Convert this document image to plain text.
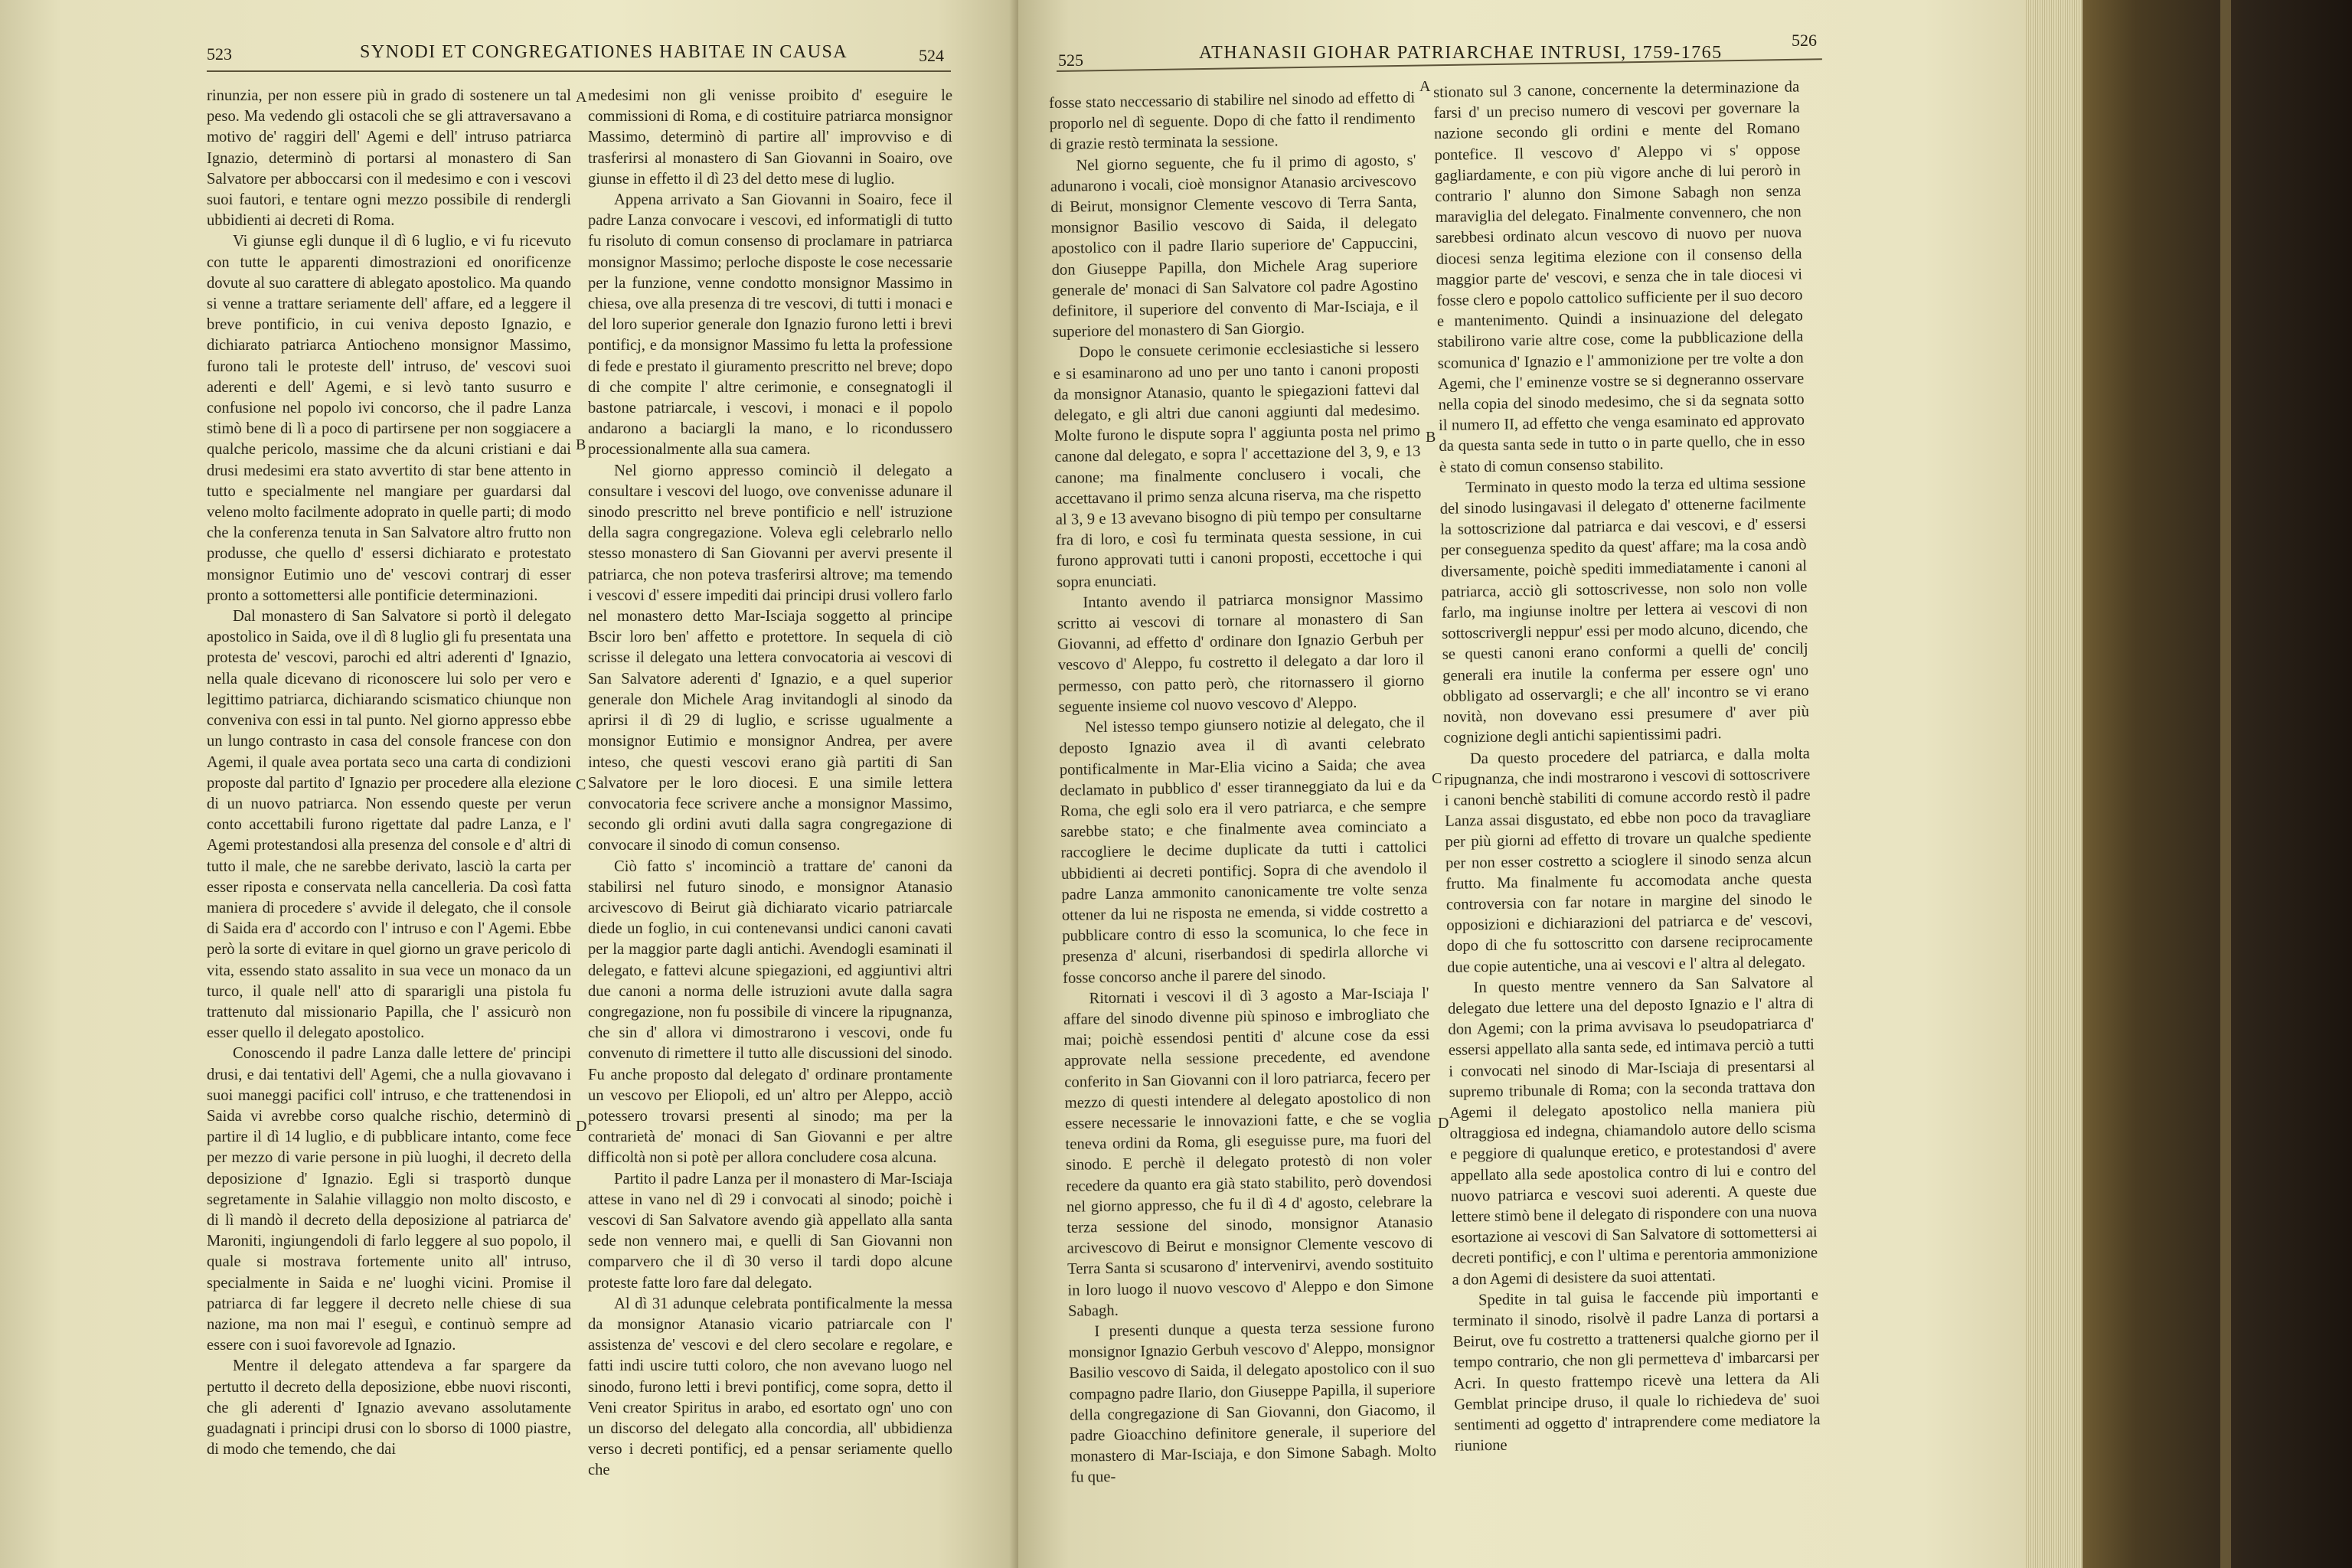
523	SYNODI ET CONGREGATIONES HABITAE IN CAUSA	524

rinunzia, per non essere più in grado di sostenere un tal peso. Ma vedendo gli ostacoli che se gli attraversavano a motivo de' raggiri dell' Agemi e dell' intruso patriarca Ignazio, determinò di portarsi al monastero di San Salvatore per abboccarsi con il medesimo e con i vescovi suoi fautori, e tentare ogni mezzo possibile di rendergli ubbidienti ai decreti di Roma.

Vi giunse egli dunque il dì 6 luglio, e vi fu ricevuto con tutte le apparenti dimostrazioni ed onorificenze dovute al suo carattere di ablegato apostolico. Ma quando si venne a trattare seriamente dell' affare, ed a leggere il breve pontificio, in cui veniva deposto Ignazio, e dichiarato patriarca Antiocheno monsignor Massimo, furono tali le proteste dell' intruso, de' vescovi suoi aderenti e dell' Agemi, e si levò tanto susurro e confusione nel popolo ivi concorso, che il padre Lanza stimò bene di lì a poco di partirsene per non soggiacere a qualche pericolo, massime che da alcuni cristiani e dai drusi medesimi era stato avvertito di star bene attento in tutto e specialmente nel mangiare per guardarsi dal veleno molto facilmente adoprato in quelle parti; di modo che la conferenza tenuta in San Salvatore altro frutto non produsse, che quello d' essersi dichiarato e protestato monsignor Eutimio uno de' vescovi contrarj di esser pronto a sottomettersi alle pontificie determinazioni.

Dal monastero di San Salvatore si portò il delegato apostolico in Saida, ove il dì 8 luglio gli fu presentata una protesta de' vescovi, parochi ed altri aderenti d' Ignazio, nella quale dicevano di riconoscere lui solo per vero e legittimo patriarca, dichiarando scismatico chiunque non conveniva con essi in tal punto. Nel giorno appresso ebbe un lungo contrasto in casa del console francese con don Agemi, il quale avea portata seco una carta di condizioni proposte dal partito d' Ignazio per procedere alla elezione di un nuovo patriarca. Non essendo queste per verun conto accettabili furono rigettate dal padre Lanza, e l' Agemi protestandosi alla presenza del console e d' altri di tutto il male, che ne sarebbe derivato, lasciò la carta per esser riposta e conservata nella cancelleria. Da così fatta maniera di procedere s' avvide il delegato, che il console di Saida era d' accordo con l' intruso e con l' Agemi. Ebbe però la sorte di evitare in quel giorno un grave pericolo di vita, essendo stato assalito in sua vece un monaco da un turco, il quale nell' atto di spararigli una pistola fu trattenuto dal missionario Papilla, che l' assicurò non esser quello il delegato apostolico.

Conoscendo il padre Lanza dalle lettere de' principi drusi, e dai tentativi dell' Agemi, che a nulla giovavano i suoi maneggi pacifici coll' intruso, e che trattenendosi in Saida vi avrebbe corso qualche rischio, determinò di partire il dì 14 luglio, e di pubblicare intanto, come fece per mezzo di varie persone in più luoghi, il decreto della deposizione d' Ignazio. Egli si trasportò dunque segretamente in Salahie villaggio non molto discosto, e di lì mandò il decreto della deposizione al patriarca de' Maroniti, ingiungendoli di farlo leggere al suo popolo, il quale si mostrava fortemente unito all' intruso, specialmente in Saida e ne' luoghi vicini. Promise il patriarca di far leggere il decreto nelle chiese di sua nazione, ma non mai l' eseguì, e continuò sempre ad essere con i suoi favorevole ad Ignazio.

Mentre il delegato attendeva a far spargere da pertutto il decreto della deposizione, ebbe nuovi risconti, che gli aderenti d' Ignazio avevano assolutamente guadagnati i principi drusi con lo sborso di 1000 piastre, di modo che temendo, che dai

A
B
C
D

medesimi non gli venisse proibito d' eseguire le commissioni di Roma, e di costituire patriarca monsignor Massimo, determinò di partire all' improvviso e di trasferirsi al monastero di San Giovanni in Soairo, ove giunse in effetto il dì 23 del detto mese di luglio.

Appena arrivato a San Giovanni in Soairo, fece il padre Lanza convocare i vescovi, ed informatigli di tutto fu risoluto di comun consenso di proclamare in patriarca monsignor Massimo; perloche disposte le cose necessarie per la funzione, venne condotto monsignor Massimo in chiesa, ove alla presenza di tre vescovi, di tutti i monaci e del loro superior generale don Ignazio furono letti i brevi pontificj, e da monsignor Massimo fu letta la professione di fede e prestato il giuramento prescritto nel breve; dopo di che compite l' altre cerimonie, e consegnatogli il bastone patriarcale, i vescovi, i monaci e il popolo andarono a baciargli la mano, e lo ricondussero processionalmente alla sua camera.

Nel giorno appresso cominciò il delegato a consultare i vescovi del luogo, ove convenisse adunare il sinodo prescritto nel breve pontificio e nell' istruzione della sagra congregazione. Voleva egli celebrarlo nello stesso monastero di San Giovanni per avervi presente il patriarca, che non poteva trasferirsi altrove; ma temendo i vescovi d' essere impediti dai principi drusi vollero farlo nel monastero detto Mar-Isciaja soggetto al principe Bscir loro ben' affetto e protettore. In sequela di ciò scrisse il delegato una lettera convocatoria ai vescovi di San Salvatore aderenti d' Ignazio, e a quel superior generale don Michele Arag invitandogli al sinodo da aprirsi il dì 29 di luglio, e scrisse ugualmente a monsignor Eutimio e monsignor Andrea, per avere inteso, che questi vescovi erano già partiti di San Salvatore per le loro diocesi. E una simile lettera convocatoria fece scrivere anche a monsignor Massimo, secondo gli ordini avuti dalla sagra congregazione di convocare il sinodo di comun consenso.

Ciò fatto s' incominciò a trattare de' canoni da stabilirsi nel futuro sinodo, e monsignor Atanasio arcivescovo di Beirut già dichiarato vicario patriarcale diede un foglio, in cui contenevansi undici canoni cavati per la maggior parte dagli antichi. Avendogli esaminati il delegato, e fattevi alcune spiegazioni, ed aggiuntivi altri due canoni a norma delle istruzioni avute dalla sagra congregazione, non fu possibile di vincere la ripugnanza, che sin d' allora vi dimostrarono i vescovi, onde fu convenuto di rimettere il tutto alle discussioni del sinodo. Fu anche proposto dal delegato d' ordinare prontamente un vescovo per Eliopoli, ed un' altro per Aleppo, acciò potessero trovarsi presenti al sinodo; ma per la contrarietà de' monaci di San Giovanni e per altre difficoltà non si potè per allora concludere cosa alcuna.

Partito il padre Lanza per il monastero di Mar-Isciaja attese in vano nel dì 29 i convocati al sinodo; poichè i vescovi di San Salvatore avendo già appellato alla santa sede non vennero mai, e quelli di San Giovanni non comparvero che il dì 30 verso il tardi dopo alcune proteste fatte loro fare dal delegato.

Al dì 31 adunque celebrata pontificalmente la messa da monsignor Atanasio vicario patriarcale con l' assistenza de' vescovi e del clero secolare e regolare, e fatti indi uscire tutti coloro, che non avevano luogo nel sinodo, furono letti i brevi pontificj, come sopra, detto il Veni creator Spiritus in arabo, ed esortato ogn' uno con un discorso del delegato alla concordia, all' ubbidienza verso i decreti pontificj, ed a pensar seriamente quello che

525	ATHANASII GIOHAR PATRIARCHAE INTRUSI, 1759-1765
526

fosse stato neccessario di stabilire nel sinodo ad effetto di proporlo nel dì seguente. Dopo di che fatto il rendimento di grazie restò terminata la sessione.

Nel giorno seguente, che fu il primo di agosto, s' adunarono i vocali, cioè monsignor Atanasio arcivescovo di Beirut, monsignor Clemente vescovo di Terra Santa, monsignor Basilio vescovo di Saida, il delegato apostolico con il padre Ilario superiore de' Cappuccini, don Giuseppe Papilla, don Michele Arag superiore generale de' monaci di San Salvatore col padre Agostino definitore, il superiore del convento di Mar-Isciaja, e il superiore del monastero di San Giorgio.

Dopo le consuete cerimonie ecclesiastiche si lessero e si esaminarono ad uno per uno tanto i canoni proposti da monsignor Atanasio, quanto le spiegazioni fattevi dal delegato, e gli altri due canoni aggiunti dal medesimo. Molte furono le dispute sopra l' aggiunta posta nel primo canone dal delegato, e sopra l' accettazione del 3, 9, e 13 canone; ma finalmente conclusero i vocali, che accettavano il primo senza alcuna riserva, ma che rispetto al 3, 9 e 13 avevano bisogno di più tempo per consultarne fra di loro, e così fu terminata questa sessione, in cui furono approvati tutti i canoni proposti, eccettoche i qui sopra enunciati.

Intanto avendo il patriarca monsignor Massimo scritto ai vescovi di tornare al monastero di San Giovanni, ad effetto d' ordinare don Ignazio Gerbuh per vescovo d' Aleppo, fu costretto il delegato a dar loro il permesso, con patto però, che ritornassero il giorno seguente insieme col nuovo vescovo d' Aleppo.

Nel istesso tempo giunsero notizie al delegato, che il deposto Ignazio avea il dì avanti celebrato pontificalmente in Mar-Elia vicino a Saida; che avea declamato in pubblico d' esser tiranneggiato da lui e da Roma, che egli solo era il vero patriarca, e che sempre sarebbe stato; e che finalmente avea cominciato a raccogliere le decime duplicate da tutti i cattolici ubbidienti ai decreti pontificj. Sopra di che avendolo il padre Lanza ammonito canonicamente tre volte senza ottener da lui ne risposta ne emenda, si vidde costretto a pubblicare contro di esso la scomunica, lo che fece in presenza d' alcuni, riserbandosi di spedirla allorche vi fosse concorso anche il parere del sinodo.

Ritornati i vescovi il dì 3 agosto a Mar-Isciaja l' affare del sinodo divenne più spinoso e imbrogliato che mai; poichè essendosi pentiti d' alcune cose da essi approvate nella sessione precedente, ed avendone conferito in San Giovanni con il loro patriarca, fecero per mezzo di questi intendere al delegato apostolico di non essere necessarie le innovazioni fatte, e che se voglia teneva ordini da Roma, gli eseguisse pure, ma fuori del sinodo. E perchè il delegato protestò di non voler recedere da quanto era già stato stabilito, però dovendosi nel giorno appresso, che fu il dì 4 d' agosto, celebrare la terza sessione del sinodo, monsignor Atanasio arcivescovo di Beirut e monsignor Clemente vescovo di Terra Santa si scusarono d' intervenirvi, avendo sostituito in loro luogo il nuovo vescovo d' Aleppo e don Simone Sabagh.

I presenti dunque a questa terza sessione furono monsignor Ignazio Gerbuh vescovo d' Aleppo, monsignor Basilio vescovo di Saida, il delegato apostolico con il suo compagno padre Ilario, don Giuseppe Papilla, il superiore della congregazione di San Giovanni, don Giacomo, il padre Gioacchino definitore generale, il superiore del monastero di Mar-Isciaja, e don Simone Sabagh. Molto fu que-

A
B
C
D

stionato sul 3 canone, concernente la determinazione da farsi d' un preciso numero di vescovi per governare la nazione secondo gli ordini e mente del Romano pontefice. Il vescovo d' Aleppo vi s' oppose gagliardamente, e con più vigore anche di lui perorò in contrario l' alunno don Simone Sabagh non senza maraviglia del delegato. Finalmente convennero, che non sarebbesi ordinato alcun vescovo di nuovo per nuova diocesi senza legitima elezione con il consenso della maggior parte de' vescovi, e senza che in tale diocesi vi fosse clero e popolo cattolico sufficiente per il suo decoro e mantenimento. Quindi a insinuazione del delegato stabilirono varie altre cose, come la pubblicazione della scomunica d' Ignazio e l' ammonizione per tre volte a don Agemi, che l' eminenze vostre se si degneranno osservare nella copia del sinodo medesimo, che si da segnata sotto il numero II, ad effetto che venga esaminato ed approvato da questa santa sede in tutto o in parte quello, che in esso è stato di comun consenso stabilito.

Terminato in questo modo la terza ed ultima sessione del sinodo lusingavasi il delegato d' ottenerne facilmente la sottoscrizione dal patriarca e dai vescovi, e d' essersi per conseguenza spedito da quest' affare; ma la cosa andò diversamente, poichè spediti immediatamente i canoni al patriarca, acciò gli sottoscrivesse, non solo non volle farlo, ma ingiunse inoltre per lettera ai vescovi di non sottoscrivergli neppur' essi per modo alcuno, dicendo, che se questi canoni erano conformi a quelli de' concilj generali era inutile la conferma per essere ogn' uno obbligato ad osservargli; e che all' incontro se vi erano novità, non dovevano essi presumere d' aver più cognizione degli antichi sapientissimi padri.

Da questo procedere del patriarca, e dalla molta ripugnanza, che indi mostrarono i vescovi di sottoscrivere i canoni benchè stabiliti di comune accordo restò il padre Lanza assai disgustato, ed ebbe non poco da travagliare per più giorni ad effetto di trovare un qualche spediente per non esser costretto a scioglere il sinodo senza alcun frutto. Ma finalmente fu accomodata anche questa controversia con far notare in margine del sinodo le opposizioni e dichiarazioni del patriarca e de' vescovi, dopo di che fu sottoscritto con darsene reciprocamente due copie autentiche, una ai vescovi e l' altra al delegato.

In questo mentre vennero da San Salvatore al delegato due lettere una del deposto Ignazio e l' altra di don Agemi; con la prima avvisava lo pseudopatriarca d' essersi appellato alla santa sede, ed intimava perciò a tutti i convocati nel sinodo di Mar-Isciaja di presentarsi al supremo tribunale di Roma; con la seconda trattava don Agemi il delegato apostolico nella maniera più oltraggiosa ed indegna, chiamandolo autore dello scisma e peggiore di qualunque eretico, e protestandosi d' avere appellato alla sede apostolica contro di lui e contro del nuovo patriarca e vescovi suoi aderenti. A queste due lettere stimò bene il delegato di rispondere con una nuova esortazione ai vescovi di San Salvatore di sottomettersi ai decreti pontificj, e con l' ultima e perentoria ammonizione a don Agemi di desistere da suoi attentati.

Spedite in tal guisa le faccende più importanti e terminato il sinodo, risolvè il padre Lanza di portarsi a Beirut, ove fu costretto a trattenersi qualche giorno per il tempo contrario, che non gli permetteva d' imbarcarsi per Acri. In questo frattempo ricevè una lettera da Ali Gemblat principe druso, il quale lo richiedeva de' suoi sentimenti ad oggetto d' intraprendere come mediatore la riunione
